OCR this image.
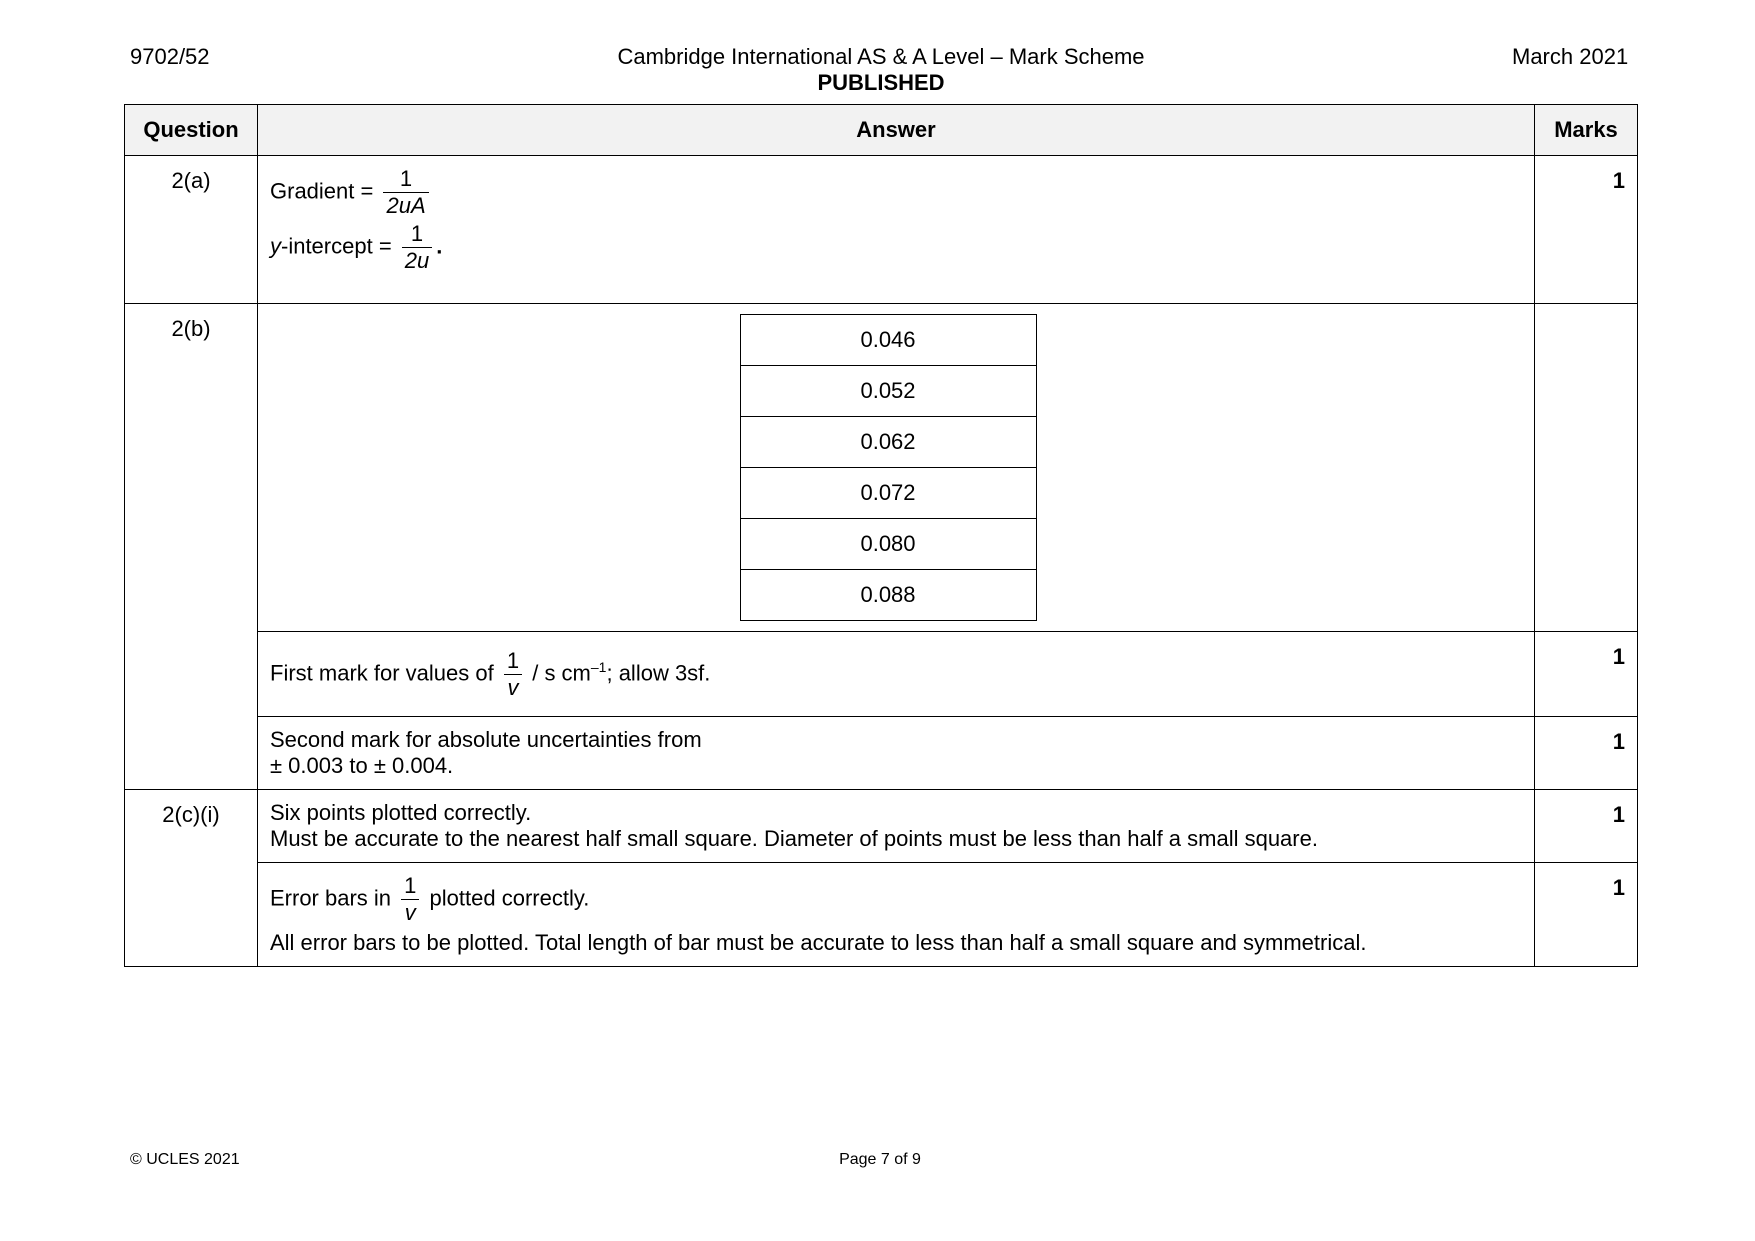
9702/52	Cambridge International AS & A Level – Mark Scheme
PUBLISHED
March 2021
Question	Answer	Marks
2(a)	Gradient = $\frac{1}{2uA}$
y-intercept = $\frac{1}{2u}$ .
	1
2(b)		0.046
0.052
0.062
0.072
0.080
0.088

First mark for values of $\frac{1}{v}$ / s $cm^{-1}$; allow 3sf.	1

Second mark for absolute uncertainties from
± 0.003 to ± 0.004.
	1
2(c)(i)	Six points plotted correctly.
Must be accurate to the nearest half small square. Diameter of points must be less than half a small square.
	1

Error bars in $\frac{1}{v}$ plotted correctly.
All error bars to be plotted. Total length of bar must be accurate to less than half a small square and symmetrical.
	1
© UCLES 2021	Page 7 of 9
